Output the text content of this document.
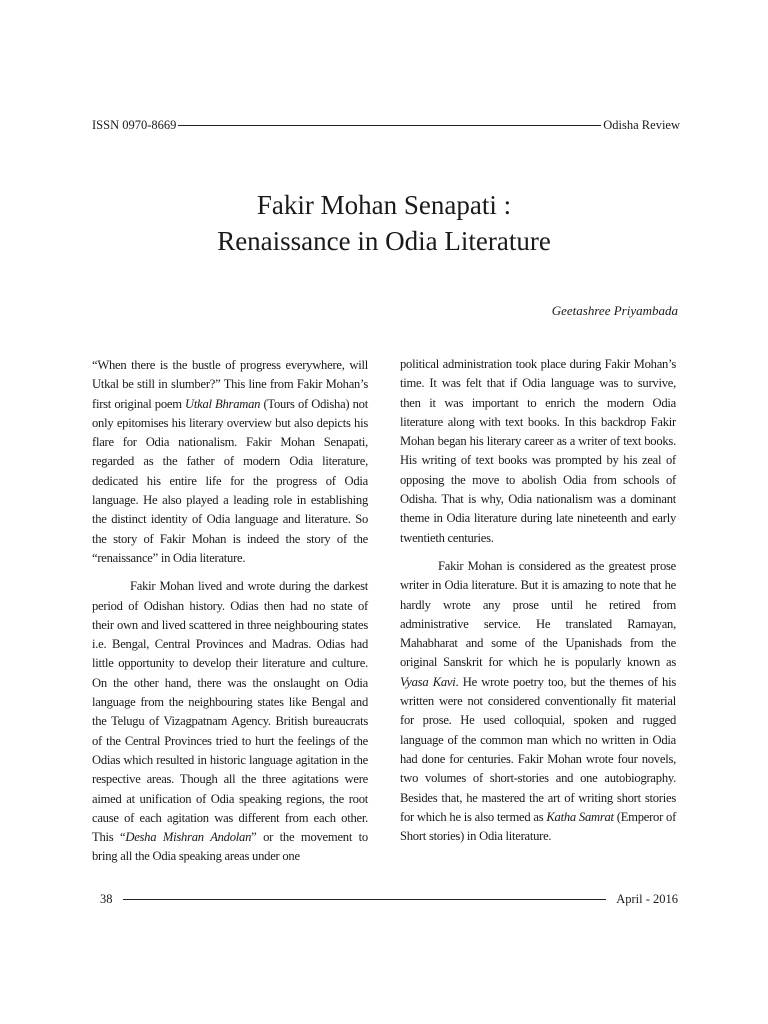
ISSN 0970-8669	Odisha Review
Fakir Mohan Senapati :
Renaissance in Odia Literature
Geetashree Priyambada

“When there is the bustle of progress everywhere, will Utkal be still in slumber?” This line from Fakir Mohan’s first original poem Utkal Bhraman (Tours of Odisha) not only epitomises his literary overview but also depicts his flare for Odia nationalism. Fakir Mohan Senapati, regarded as the father of modern Odia literature, dedicated his entire life for the progress of Odia language. He also played a leading role in establishing the distinct identity of Odia language and literature. So the story of Fakir Mohan is indeed the story of the “renaissance” in Odia literature.

Fakir Mohan lived and wrote during the darkest period of Odishan history. Odias then had no state of their own and lived scattered in three neighbouring states i.e. Bengal, Central Provinces and Madras. Odias had little opportunity to develop their literature and culture. On the other hand, there was the onslaught on Odia language from the neighbouring states like Bengal and the Telugu of Vizagpatnam Agency. British bureaucrats of the Central Provinces tried to hurt the feelings of the Odias which resulted in historic language agitation in the respective areas. Though all the three agitations were aimed at unification of Odia speaking regions, the root cause of each agitation was different from each other. This “Desha Mishran Andolan” or the movement to bring all the Odia speaking areas under one

political administration took place during Fakir Mohan’s time. It was felt that if Odia language was to survive, then it was important to enrich the modern Odia literature along with text books. In this backdrop Fakir Mohan began his literary career as a writer of text books. His writing of text books was prompted by his zeal of opposing the move to abolish Odia from schools of Odisha. That is why, Odia nationalism was a dominant theme in Odia literature during late nineteenth and early twentieth centuries.

Fakir Mohan is considered as the greatest prose writer in Odia literature. But it is amazing to note that he hardly wrote any prose until he retired from administrative service. He translated Ramayan, Mahabharat and some of the Upanishads from the original Sanskrit for which he is popularly known as Vyasa Kavi. He wrote poetry too, but the themes of his written were not considered conventionally fit material for prose. He used colloquial, spoken and rugged language of the common man which no written in Odia had done for centuries. Fakir Mohan wrote four novels, two volumes of short-stories and one autobiography. Besides that, he mastered the art of writing short stories for which he is also termed as Katha Samrat (Emperor of Short stories) in Odia literature.

38	April - 2016
